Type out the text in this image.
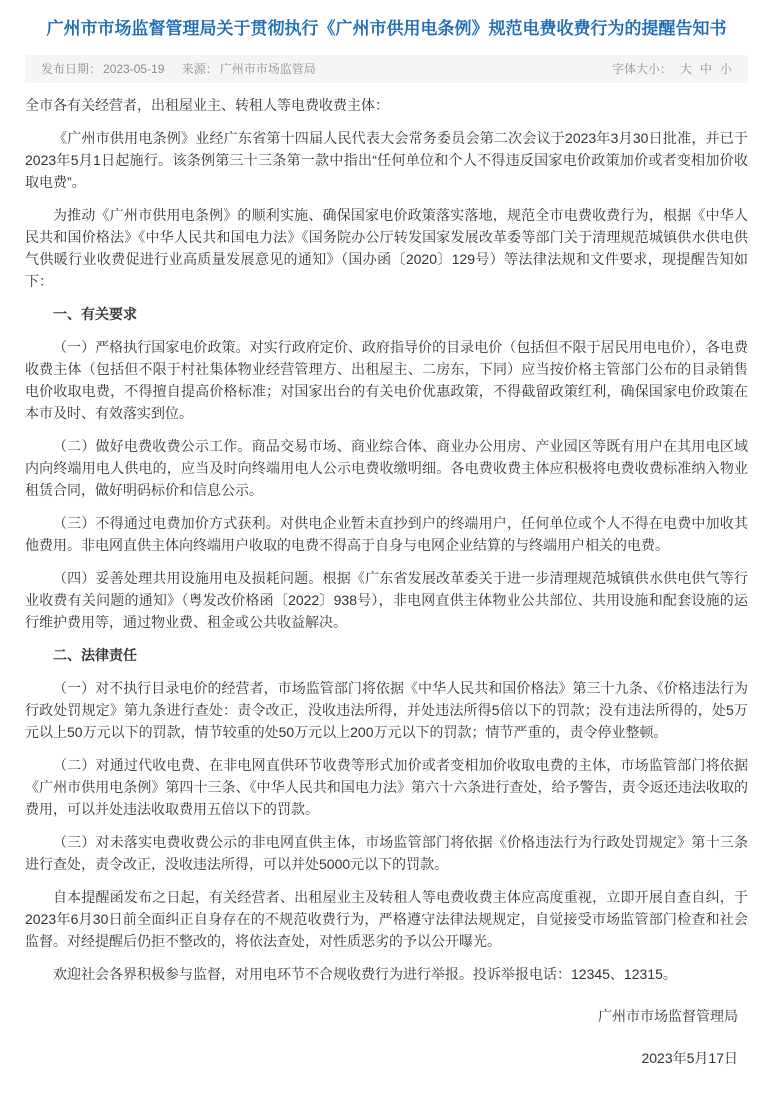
广州市市场监督管理局关于贯彻执行《广州市供用电条例》规范电费收费行为的提醒告知书
发布日期： 2023-05-19 来源： 广州市市场监管局	字体大小： 大 中 小

全市各有关经营者，出租屋业主、转租人等电费收费主体：

《广州市供用电条例》业经广东省第十四届人民代表大会常务委员会第二次会议于2023年3月30日批准，并已于2023年5月1日起施行。该条例第三十三条第一款中指出“任何单位和个人不得违反国家电价政策加价或者变相加价收取电费”。

为推动《广州市供用电条例》的顺利实施、确保国家电价政策落实落地，规范全市电费收费行为，根据《中华人民共和国价格法》《中华人民共和国电力法》《国务院办公厅转发国家发展改革委等部门关于清理规范城镇供水供电供气供暖行业收费促进行业高质量发展意见的通知》（国办函〔2020〕129号）等法律法规和文件要求，现提醒告知如下：

一、有关要求

（一）严格执行国家电价政策。对实行政府定价、政府指导价的目录电价（包括但不限于居民用电电价），各电费收费主体（包括但不限于村社集体物业经营管理方、出租屋主、二房东，下同）应当按价格主管部门公布的目录销售电价收取电费，不得擅自提高价格标准；对国家出台的有关电价优惠政策，不得截留政策红利，确保国家电价政策在本市及时、有效落实到位。

（二）做好电费收费公示工作。商品交易市场、商业综合体、商业办公用房、产业园区等既有用户在其用电区域内向终端用电人供电的，应当及时向终端用电人公示电费收缴明细。各电费收费主体应积极将电费收费标准纳入物业租赁合同，做好明码标价和信息公示。

（三）不得通过电费加价方式获利。对供电企业暂未直抄到户的终端用户，任何单位或个人不得在电费中加收其他费用。非电网直供主体向终端用户收取的电费不得高于自身与电网企业结算的与终端用户相关的电费。

（四）妥善处理共用设施用电及损耗问题。根据《广东省发展改革委关于进一步清理规范城镇供水供电供气等行业收费有关问题的通知》（粤发改价格函〔2022〕938号），非电网直供主体物业公共部位、共用设施和配套设施的运行维护费用等，通过物业费、租金或公共收益解决。

二、法律责任

（一）对不执行目录电价的经营者，市场监管部门将依据《中华人民共和国价格法》第三十九条、《价格违法行为行政处罚规定》第九条进行查处：责令改正，没收违法所得，并处违法所得5倍以下的罚款；没有违法所得的，处5万元以上50万元以下的罚款，情节较重的处50万元以上200万元以下的罚款；情节严重的，责令停业整顿。

（二）对通过代收电费、在非电网直供环节收费等形式加价或者变相加价收取电费的主体，市场监管部门将依据《广州市供用电条例》第四十三条、《中华人民共和国电力法》第六十六条进行查处，给予警告，责令返还违法收取的费用，可以并处违法收取费用五倍以下的罚款。

（三）对未落实电费收费公示的非电网直供主体，市场监管部门将依据《价格违法行为行政处罚规定》第十三条进行查处，责令改正，没收违法所得，可以并处5000元以下的罚款。

自本提醒函发布之日起，有关经营者、出租屋业主及转租人等电费收费主体应高度重视，立即开展自查自纠，于2023年6月30日前全面纠正自身存在的不规范收费行为，严格遵守法律法规规定，自觉接受市场监管部门检查和社会监督。对经提醒后仍拒不整改的，将依法查处，对性质恶劣的予以公开曝光。

欢迎社会各界积极参与监督，对用电环节不合规收费行为进行举报。投诉举报电话：12345、12315。

广州市市场监督管理局

2023年5月17日
